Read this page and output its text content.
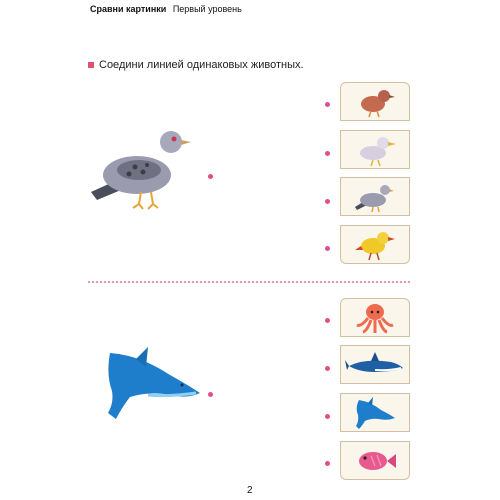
Сравни картинки Первый уровень
Соедини линией одинаковых животных.
2
